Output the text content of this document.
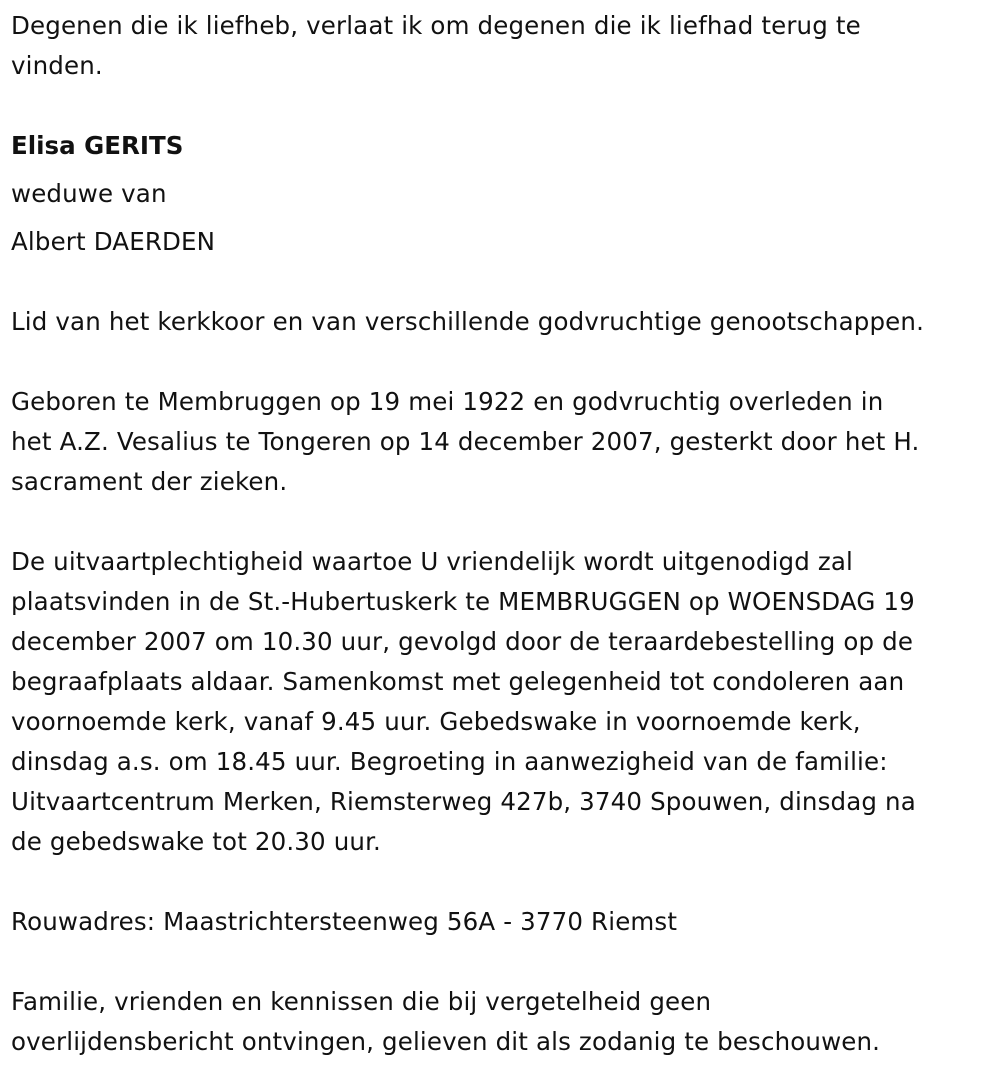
Degenen die ik liefheb, verlaat ik om degenen die ik liefhad terug te
vinden.
Elisa GERITS
weduwe van
Albert DAERDEN
Lid van het kerkkoor en van verschillende godvruchtige genootschappen.
Geboren te Membruggen op 19 mei 1922 en godvruchtig overleden in
het A.Z. Vesalius te Tongeren op 14 december 2007, gesterkt door het H.
sacrament der zieken.
De uitvaartplechtigheid waartoe U vriendelijk wordt uitgenodigd zal
plaatsvinden in de St.-Hubertuskerk te MEMBRUGGEN op WOENSDAG 19
december 2007 om 10.30 uur, gevolgd door de teraardebestelling op de
begraafplaats aldaar. Samenkomst met gelegenheid tot condoleren aan
voornoemde kerk, vanaf 9.45 uur. Gebedswake in voornoemde kerk,
dinsdag a.s. om 18.45 uur. Begroeting in aanwezigheid van de familie:
Uitvaartcentrum Merken, Riemsterweg 427b, 3740 Spouwen, dinsdag na
de gebedswake tot 20.30 uur.
Rouwadres: Maastrichtersteenweg 56A - 3770 Riemst
Familie, vrienden en kennissen die bij vergetelheid geen
overlijdensbericht ontvingen, gelieven dit als zodanig te beschouwen.
